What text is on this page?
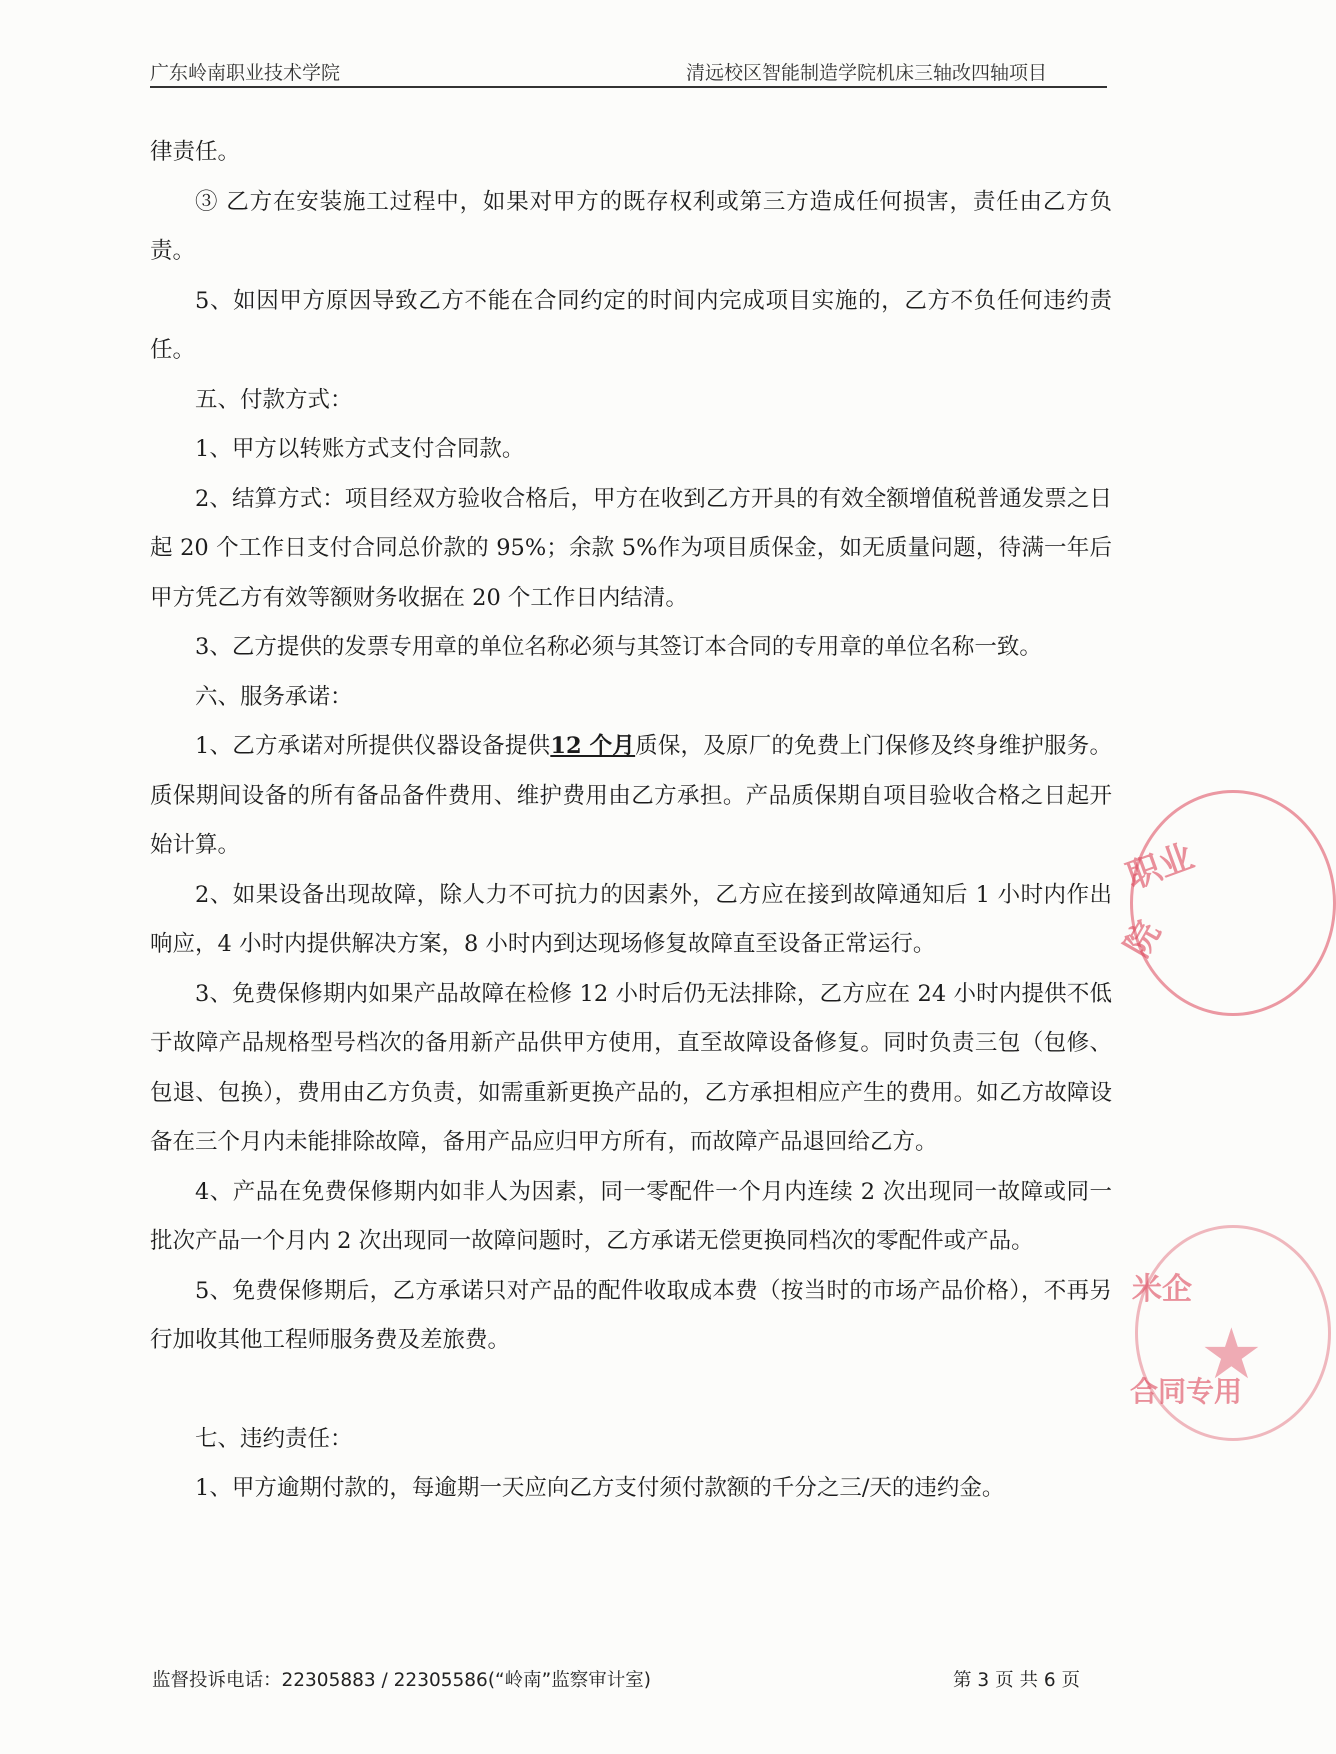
广东岭南职业技术学院	清远校区智能制造学院机床三轴改四轴项目

律责任。

③ 乙方在安装施工过程中，如果对甲方的既存权利或第三方造成任何损害，责任由乙方负责。

5、如因甲方原因导致乙方不能在合同约定的时间内完成项目实施的，乙方不负任何违约责任。

五、付款方式：

1、甲方以转账方式支付合同款。

2、结算方式：项目经双方验收合格后，甲方在收到乙方开具的有效全额增值税普通发票之日起 20 个工作日支付合同总价款的 95%；余款 5%作为项目质保金，如无质量问题，待满一年后甲方凭乙方有效等额财务收据在 20 个工作日内结清。

3、乙方提供的发票专用章的单位名称必须与其签订本合同的专用章的单位名称一致。

六、服务承诺：

1、乙方承诺对所提供仪器设备提供12 个月质保，及原厂的免费上门保修及终身维护服务。质保期间设备的所有备品备件费用、维护费用由乙方承担。产品质保期自项目验收合格之日起开始计算。

2、如果设备出现故障，除人力不可抗力的因素外，乙方应在接到故障通知后 1 小时内作出响应，4 小时内提供解决方案，8 小时内到达现场修复故障直至设备正常运行。

3、免费保修期内如果产品故障在检修 12 小时后仍无法排除，乙方应在 24 小时内提供不低于故障产品规格型号档次的备用新产品供甲方使用，直至故障设备修复。同时负责三包（包修、包退、包换），费用由乙方负责，如需重新更换产品的，乙方承担相应产生的费用。如乙方故障设备在三个月内未能排除故障，备用产品应归甲方所有，而故障产品退回给乙方。

4、产品在免费保修期内如非人为因素，同一零配件一个月内连续 2 次出现同一故障或同一批次产品一个月内 2 次出现同一故障问题时，乙方承诺无偿更换同档次的零配件或产品。

5、免费保修期后，乙方承诺只对产品的配件收取成本费（按当时的市场产品价格），不再另行加收其他工程师服务费及差旅费。

七、违约责任：

1、甲方逾期付款的，每逾期一天应向乙方支付须付款额的千分之三/天的违约金。

职业
院
米企
★
合同专用
监督投诉电话：22305883 / 22305586(“岭南”监察审计室)	第 3 页 共 6 页
